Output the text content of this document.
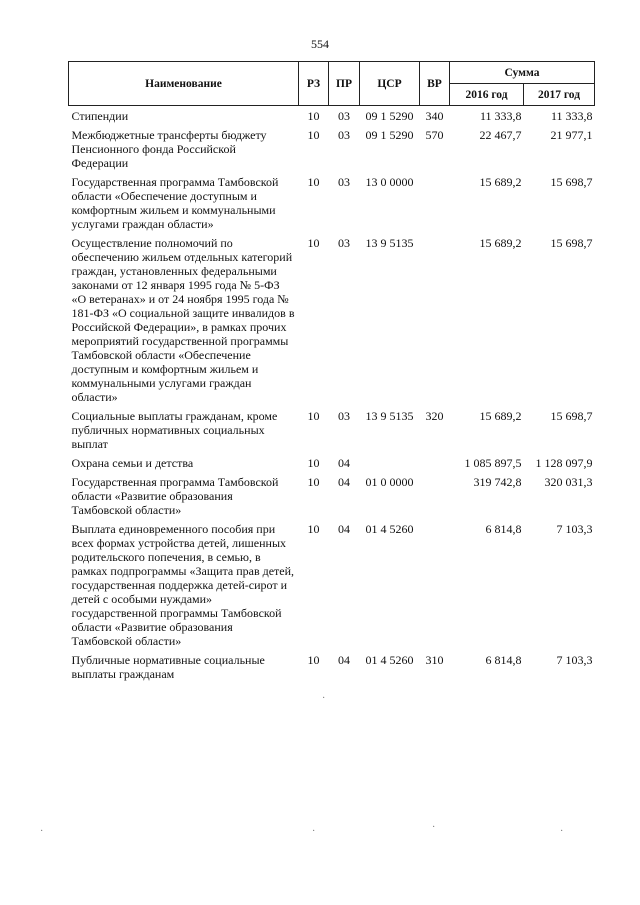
554
Наименование	РЗ	ПР	ЦСР	ВР	Сумма	
					2016 год	2017 год
Стипендии	10	03	09 1 5290	340	11 333,8	11 333,8
Межбюджетные трансферты бюджету Пенсионного фонда Российской Федерации	10	03	09 1 5290	570	22 467,7	21 977,1
Государственная программа Тамбовской области «Обеспечение доступным и комфортным жильем и коммунальными услугами граждан области»	10	03	13 0 0000		15 689,2	15 698,7
Осуществление полномочий по обеспечению жильем отдельных категорий граждан, установленных федеральными законами от 12 января 1995 года № 5-ФЗ «О ветеранах» и от 24 ноября 1995 года № 181-ФЗ «О социальной защите инвалидов в Российской Федерации», в рамках прочих мероприятий государственной программы Тамбовской области «Обеспечение доступным и комфортным жильем и коммунальными услугами граждан области»	10	03	13 9 5135		15 689,2	15 698,7
Социальные выплаты гражданам, кроме публичных нормативных социальных выплат	10	03	13 9 5135	320	15 689,2	15 698,7
Охрана семьи и детства	10	04			1 085 897,5	1 128 097,9
Государственная программа Тамбовской области «Развитие образования Тамбовской области»	10	04	01 0 0000		319 742,8	320 031,3
Выплата единовременного пособия при всех формах устройства детей, лишенных родительского попечения, в семью, в рамках подпрограммы «Защита прав детей, государственная поддержка детей-сирот и детей с особыми нуждами» государственной программы Тамбовской области «Развитие образования Тамбовской области»	10	04	01 4 5260		6 814,8	7 103,3
Публичные нормативные социальные выплаты гражданам	10	04	01 4 5260	310	6 814,8	7 103,3
·
·	·	·	·
